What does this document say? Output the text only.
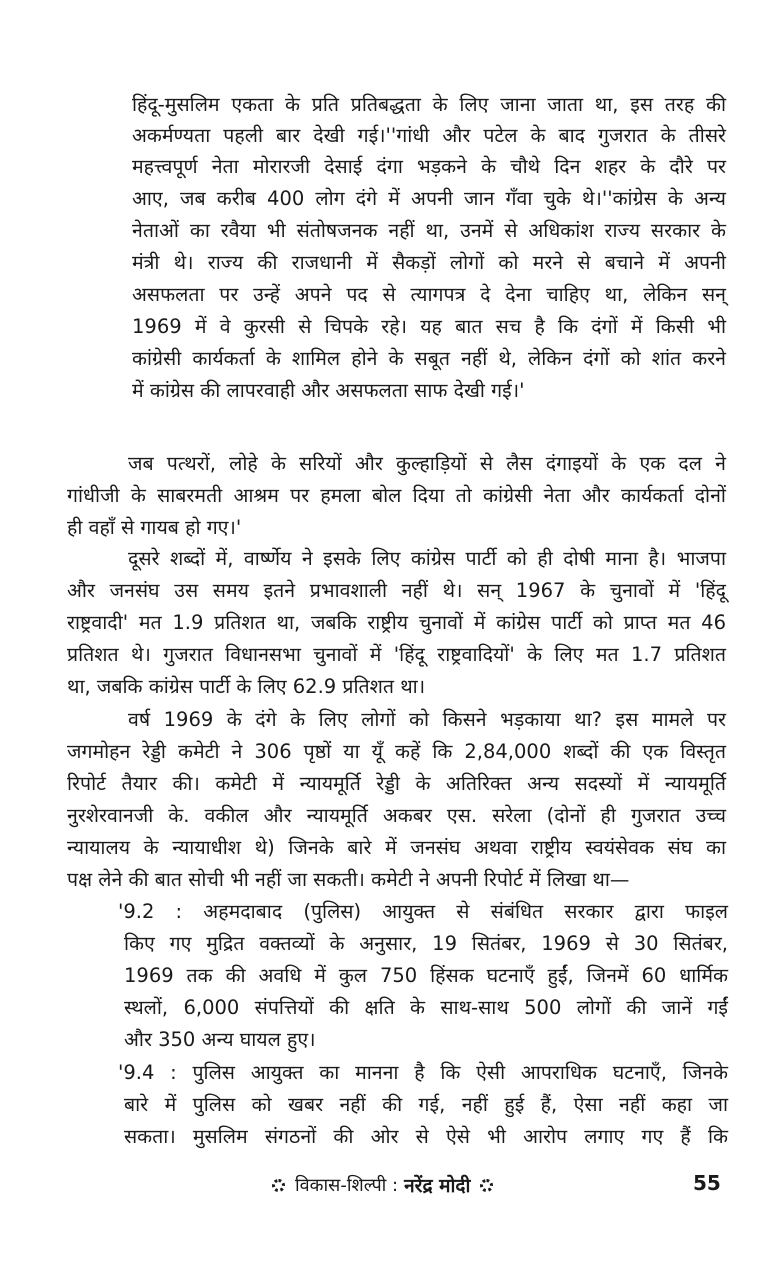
हिंदू-मुसलिम एकता के प्रति प्रतिबद्धता के लिए जाना जाता था, इस तरह की
अकर्मण्यता पहली बार देखी गई।''गांधी और पटेल के बाद गुजरात के तीसरे
महत्त्वपूर्ण नेता मोरारजी देसाई दंगा भड़कने के चौथे दिन शहर के दौरे पर
आए, जब करीब 400 लोग दंगे में अपनी जान गँवा चुके थे।''कांग्रेस के अन्य
नेताओं का रवैया भी संतोषजनक नहीं था, उनमें से अधिकांश राज्य सरकार के
मंत्री थे। राज्य की राजधानी में सैकड़ों लोगों को मरने से बचाने में अपनी
असफलता पर उन्हें अपने पद से त्यागपत्र दे देना चाहिए था, लेकिन सन्
1969 में वे कुरसी से चिपके रहे। यह बात सच है कि दंगों में किसी भी
कांग्रेसी कार्यकर्ता के शामिल होने के सबूत नहीं थे, लेकिन दंगों को शांत करने
में कांग्रेस की लापरवाही और असफलता साफ देखी गई।'
जब पत्थरों, लोहे के सरियों और कुल्हाड़ियों से लैस दंगाइयों के एक दल ने
गांधीजी के साबरमती आश्रम पर हमला बोल दिया तो कांग्रेसी नेता और कार्यकर्ता दोनों
ही वहाँ से गायब हो गए।'
दूसरे शब्दों में, वार्ष्णेय ने इसके लिए कांग्रेस पार्टी को ही दोषी माना है। भाजपा
और जनसंघ उस समय इतने प्रभावशाली नहीं थे। सन् 1967 के चुनावों में 'हिंदू
राष्ट्रवादी' मत 1.9 प्रतिशत था, जबकि राष्ट्रीय चुनावों में कांग्रेस पार्टी को प्राप्त मत 46
प्रतिशत थे। गुजरात विधानसभा चुनावों में 'हिंदू राष्ट्रवादियों' के लिए मत 1.7 प्रतिशत
था, जबकि कांग्रेस पार्टी के लिए 62.9 प्रतिशत था।
वर्ष 1969 के दंगे के लिए लोगों को किसने भड़काया था? इस मामले पर
जगमोहन रेड्डी कमेटी ने 306 पृष्ठों या यूँ कहें कि 2,84,000 शब्दों की एक विस्तृत
रिपोर्ट तैयार की। कमेटी में न्यायमूर्ति रेड्डी के अतिरिक्त अन्य सदस्यों में न्यायमूर्ति
नुरशेरवानजी के. वकील और न्यायमूर्ति अकबर एस. सरेला (दोनों ही गुजरात उच्च
न्यायालय के न्यायाधीश थे) जिनके बारे में जनसंघ अथवा राष्ट्रीय स्वयंसेवक संघ का
पक्ष लेने की बात सोची भी नहीं जा सकती। कमेटी ने अपनी रिपोर्ट में लिखा था—
'9.2 : अहमदाबाद (पुलिस) आयुक्त से संबंधित सरकार द्वारा फाइल
किए गए मुद्रित वक्तव्यों के अनुसार, 19 सितंबर, 1969 से 30 सितंबर,
1969 तक की अवधि में कुल 750 हिंसक घटनाएँ हुईं, जिनमें 60 धार्मिक
स्थलों, 6,000 संपत्तियों की क्षति के साथ-साथ 500 लोगों की जानें गईं
और 350 अन्य घायल हुए।
'9.4 : पुलिस आयुक्त का मानना है कि ऐसी आपराधिक घटनाएँ, जिनके
बारे में पुलिस को खबर नहीं की गई, नहीं हुई हैं, ऐसा नहीं कहा जा
सकता। मुसलिम संगठनों की ओर से ऐसे भी आरोप लगाए गए हैं कि
विकास-शिल्पी : नरेंद्र मोदी	55
